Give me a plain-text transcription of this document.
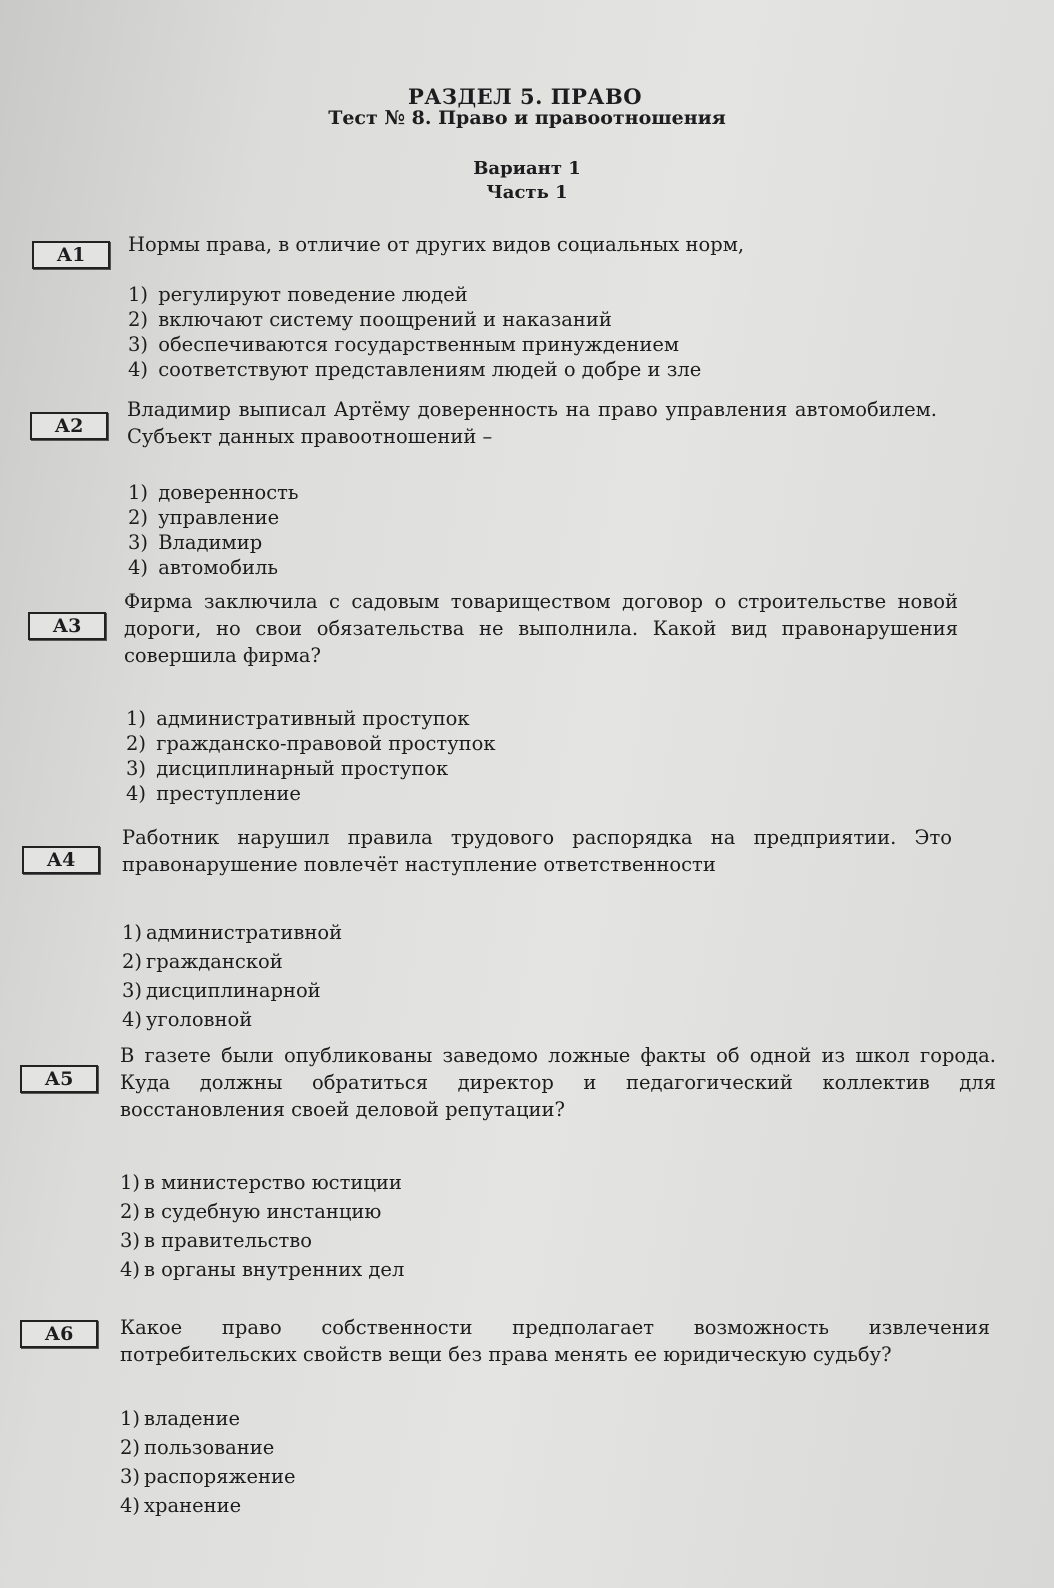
РАЗДЕЛ 5. ПРАВО
Тест № 8. Право и правоотношения
Вариант 1
Часть 1
А1	Нормы права, в отличие от других видов социальных норм,
1) регулируют поведение людей
2) включают систему поощрений и наказаний
3) обеспечиваются государственным принуждением
4) соответствуют представлениям людей о добре и зле
А2
Владимир выписал Артёму доверенность на право управления автомобилем. Субъект данных правоотношений –
1) доверенность
2) управление
3) Владимир
4) автомобиль
А3
Фирма заключила с садовым товариществом договор о строительстве новой дороги, но свои обязательства не выполнила. Какой вид правонарушения совершила фирма?
1) административный проступок
2) гражданско-правовой проступок
3) дисциплинарный проступок
4) преступление
А4
Работник нарушил правила трудового распорядка на предприятии. Это правонарушение повлечёт наступление ответственности
1) административной
2) гражданской
3) дисциплинарной
4) уголовной
А5
В газете были опубликованы заведомо ложные факты об одной из школ города. Куда должны обратиться директор и педагогический коллектив для восстановления своей деловой репутации?
1) в министерство юстиции
2) в судебную инстанцию
3) в правительство
4) в органы внутренних дел
А6	Какое право собственности предполагает возможность извлечения потребительских свойств вещи без права менять ее юридическую судьбу?
1) владение
2) пользование
3) распоряжение
4) хранение
